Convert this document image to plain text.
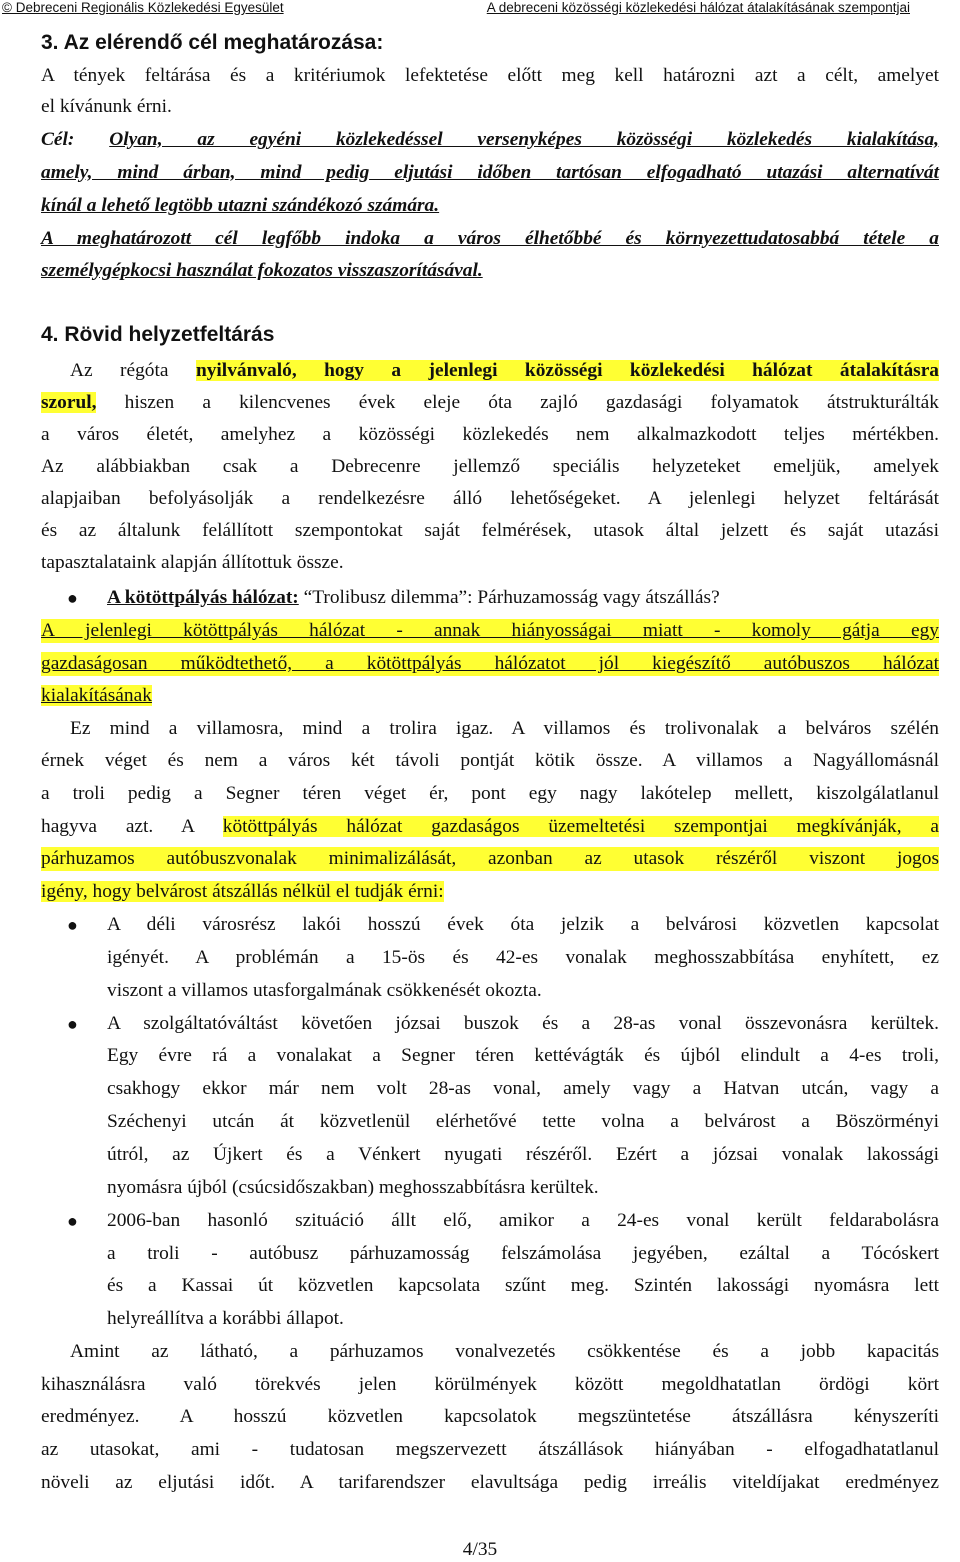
© Debreceni Regionális Közlekedési Egyesület	A debreceni közösségi közlekedési hálózat átalakításának szempontjai
3. Az elérendő cél meghatározása:
A tények feltárása és a kritériumok lefektetése előtt meg kell határozni azt a célt, amelyet
el kívánunk érni.
Cél: Olyan, az egyéni közlekedéssel versenyképes közösségi közlekedés kialakítása,
amely, mind árban, mind pedig eljutási időben tartósan elfogadható utazási alternatívát
kínál a lehető legtöbb utazni szándékozó számára.
A meghatározott cél legfőbb indoka a város élhetőbbé és környezettudatosabbá tétele a
személygépkocsi használat fokozatos visszaszorításával.
4. Rövid helyzetfeltárás
Az régóta nyilvánvaló, hogy a jelenlegi közösségi közlekedési hálózat átalakításra
szorul, hiszen a kilencvenes évek eleje óta zajló gazdasági folyamatok átstrukturálták
a város életét, amelyhez a közösségi közlekedés nem alkalmazkodott teljes mértékben.
Az alábbiakban csak a Debrecenre jellemző speciális helyzeteket emeljük, amelyek
alapjaiban befolyásolják a rendelkezésre álló lehetőségeket. A jelenlegi helyzet feltárását
és az általunk felállított szempontokat saját felmérések, utasok által jelzett és saját utazási
tapasztalataink alapján állítottuk össze.
● A kötöttpályás hálózat: “Trolibusz dilemma”: Párhuzamosság vagy átszállás?
A jelenlegi kötöttpályás hálózat - annak hiányosságai miatt - komoly gátja egy
gazdaságosan működtethető, a kötöttpályás hálózatot jól kiegészítő autóbuszos hálózat
kialakításának
Ez mind a villamosra, mind a trolira igaz. A villamos és trolivonalak a belváros szélén
érnek véget és nem a város két távoli pontját kötik össze. A villamos a Nagyállomásnál
a troli pedig a Segner téren véget ér, pont egy nagy lakótelep mellett, kiszolgálatlanul
hagyva azt. A kötöttpályás hálózat gazdaságos üzemeltetési szempontjai megkívánják, a
párhuzamos autóbuszvonalak minimalizálását, azonban az utasok részéről viszont jogos
igény, hogy belvárost átszállás nélkül el tudják érni:
● A déli városrész lakói hosszú évek óta jelzik a belvárosi közvetlen kapcsolat
igényét. A problémán a 15-ös és 42-es vonalak meghosszabbítása enyhített, ez
viszont a villamos utasforgalmának csökkenését okozta.
● A szolgáltatóváltást követően józsai buszok és a 28-as vonal összevonásra kerültek.
Egy évre rá a vonalakat a Segner téren kettévágták és újból elindult a 4-es troli,
csakhogy ekkor már nem volt 28-as vonal, amely vagy a Hatvan utcán, vagy a
Széchenyi utcán át közvetlenül elérhetővé tette volna a belvárost a Böszörményi
útról, az Újkert és a Vénkert nyugati részéről. Ezért a józsai vonalak lakossági
nyomásra újból (csúcsidőszakban) meghosszabbításra kerültek.
● 2006-ban hasonló szituáció állt elő, amikor a 24-es vonal került feldarabolásra
a troli - autóbusz párhuzamosság felszámolása jegyében, ezáltal a Tócóskert
és a Kassai út közvetlen kapcsolata szűnt meg. Szintén lakossági nyomásra lett
helyreállítva a korábbi állapot.
Amint az látható, a párhuzamos vonalvezetés csökkentése és a jobb kapacitás
kihasználásra való törekvés jelen körülmények között megoldhatatlan ördögi kört
eredményez. A hosszú közvetlen kapcsolatok megszüntetése átszállásra kényszeríti
az utasokat, ami - tudatosan megszervezett átszállások hiányában - elfogadhatatlanul
növeli az eljutási időt. A tarifarendszer elavultsága pedig irreális viteldíjakat eredményez
4/35
